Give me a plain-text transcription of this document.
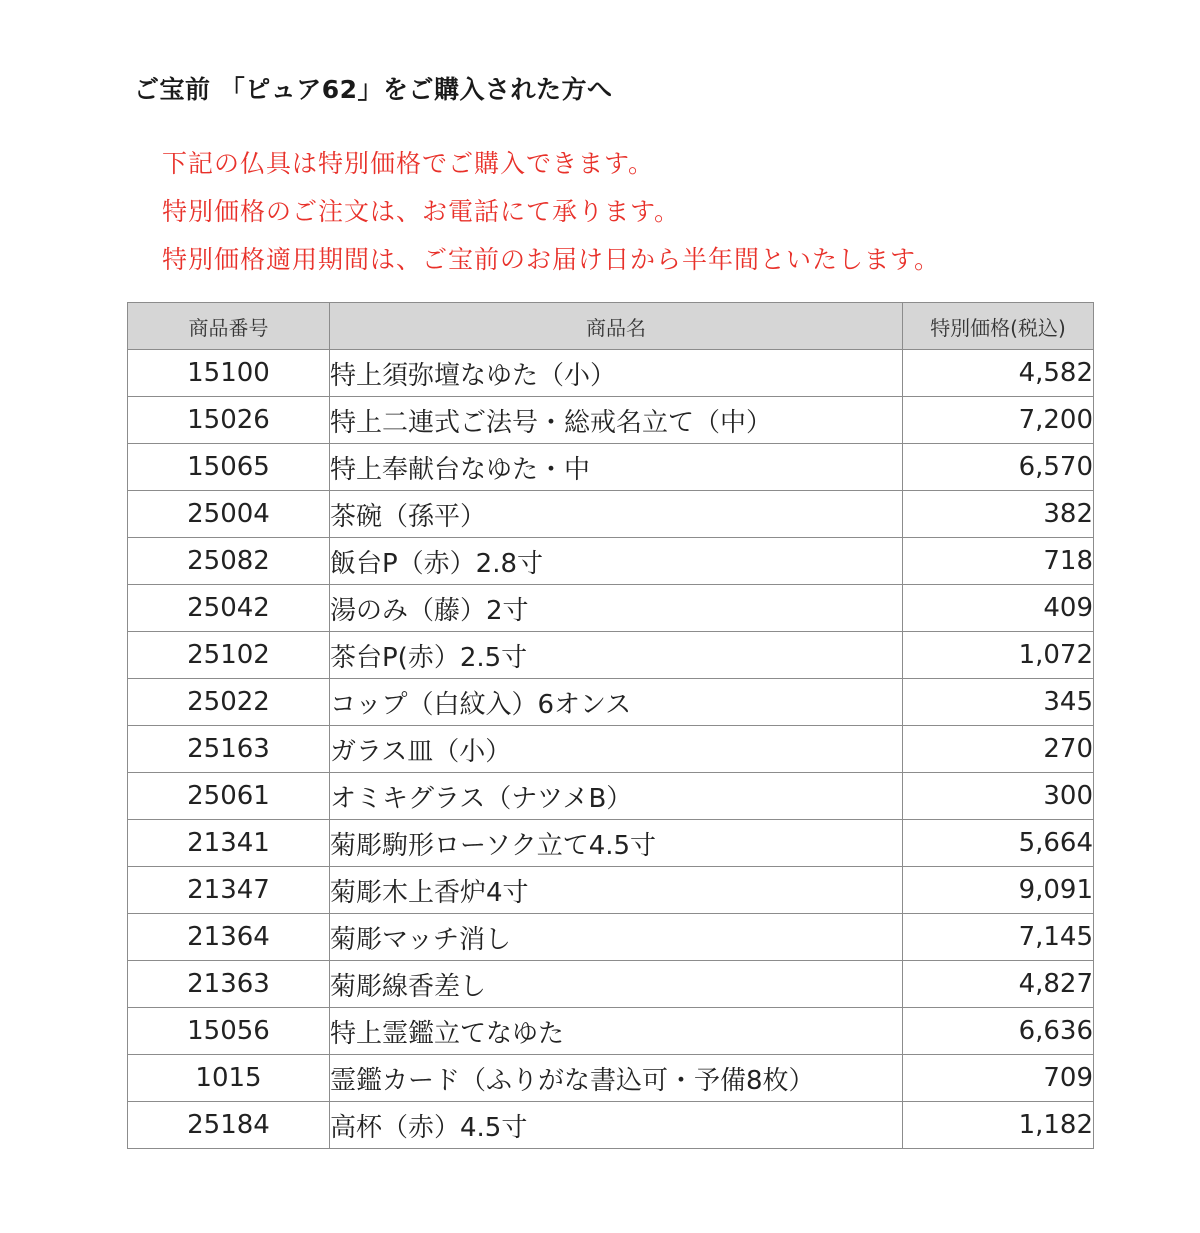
ご宝前 「ピュア62」をご購入された方へ
下記の仏具は特別価格でご購入できます。
特別価格のご注文は、お電話にて承ります。
特別価格適用期間は、ご宝前のお届け日から半年間といたします。
商品番号	商品名	特別価格(税込)
15100	特上須弥壇なゆた（小）	4,582
15026	特上二連式ご法号・総戒名立て（中）	7,200
15065	特上奉献台なゆた・中	6,570
25004	茶碗（孫平）	382
25082	飯台P（赤）2.8寸	718
25042	湯のみ（藤）2寸	409
25102	茶台P(赤）2.5寸	1,072
25022	コップ（白紋入）6オンス	345
25163	ガラス皿（小）	270
25061	オミキグラス（ナツメB）	300
21341	菊彫駒形ローソク立て4.5寸	5,664
21347	菊彫木上香炉4寸	9,091
21364	菊彫マッチ消し	7,145
21363	菊彫線香差し	4,827
15056	特上霊鑑立てなゆた	6,636
1015	霊鑑カード（ふりがな書込可・予備8枚）	709
25184	高杯（赤）4.5寸	1,182
